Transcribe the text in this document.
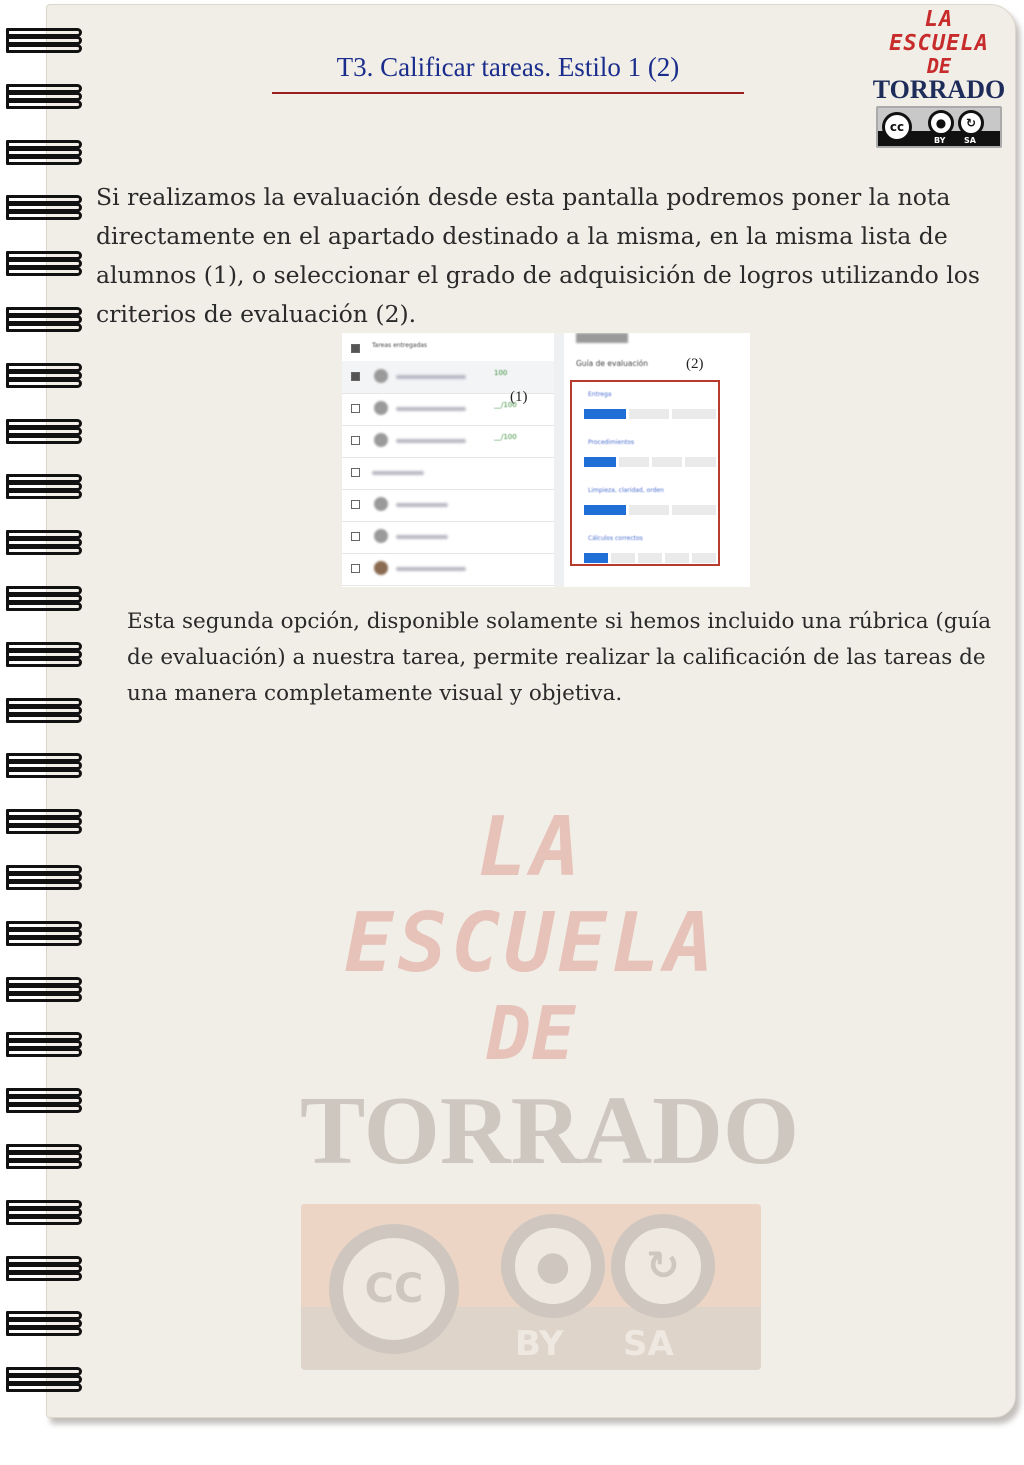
LA ESCUELA
DE
TORRADO
CC	●	↻
BY SA
T3. Calificar tareas. Estilo 1 (2)
LA ESCUELA
DE
TORRADO
cc	●	↻
BY SA
Si realizamos la evaluación desde esta pantalla podremos poner la nota directamente en el apartado destinado a la misma, en la misma lista de alumnos (1), o seleccionar el grado de adquisición de logros utilizando los criterios de evaluación (2).
Tareas entregadas
100
__/100
__/100
Guía de evaluación
Entrega
Procedimientos
Limpieza, claridad, orden
Cálculos correctos
(1)
(2)
Esta segunda opción, disponible solamente si hemos incluido una rúbrica (guía de evaluación) a nuestra tarea, permite realizar la calificación de las tareas de una manera completamente visual y objetiva.
